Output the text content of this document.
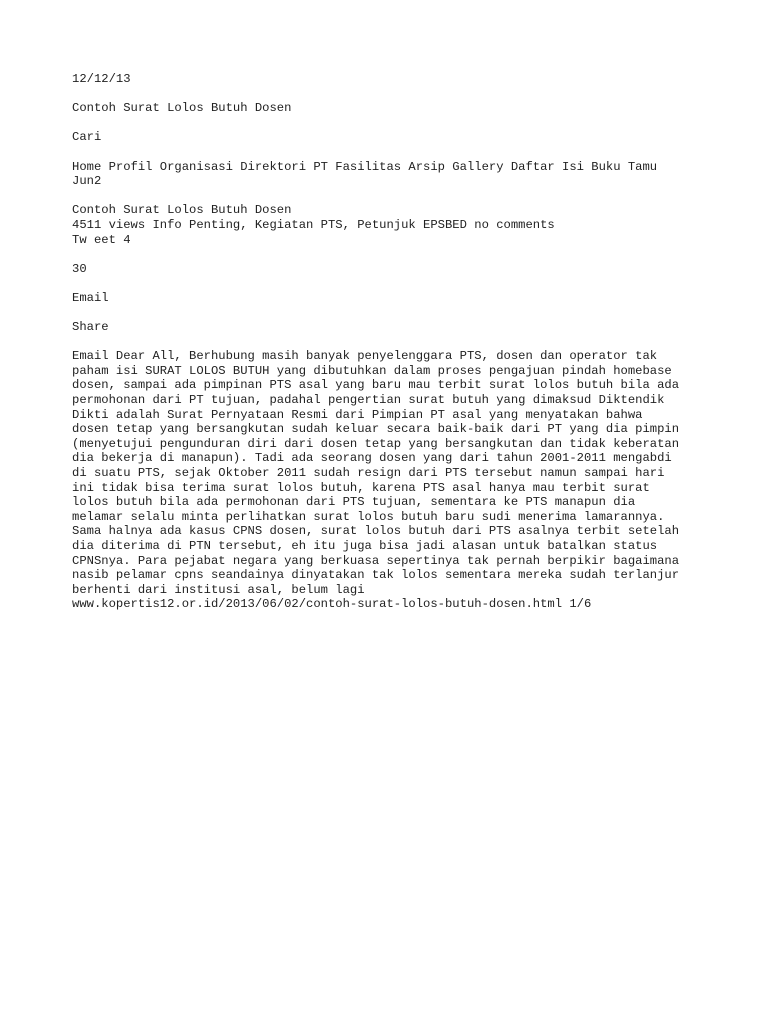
12/12/13
Contoh Surat Lolos Butuh Dosen
Cari
Home Profil Organisasi Direktori PT Fasilitas Arsip Gallery Daftar Isi Buku Tamu
Jun2
Contoh Surat Lolos Butuh Dosen
4511 views Info Penting, Kegiatan PTS, Petunjuk EPSBED no comments
Tw eet 4
30
Email
Share
Email Dear All, Berhubung masih banyak penyelenggara PTS, dosen dan operator tak
paham isi SURAT LOLOS BUTUH yang dibutuhkan dalam proses pengajuan pindah homebase
dosen, sampai ada pimpinan PTS asal yang baru mau terbit surat lolos butuh bila ada
permohonan dari PT tujuan, padahal pengertian surat butuh yang dimaksud Diktendik
Dikti adalah Surat Pernyataan Resmi dari Pimpian PT asal yang menyatakan bahwa
dosen tetap yang bersangkutan sudah keluar secara baik-baik dari PT yang dia pimpin
(menyetujui pengunduran diri dari dosen tetap yang bersangkutan dan tidak keberatan
dia bekerja di manapun). Tadi ada seorang dosen yang dari tahun 2001-2011 mengabdi
di suatu PTS, sejak Oktober 2011 sudah resign dari PTS tersebut namun sampai hari
ini tidak bisa terima surat lolos butuh, karena PTS asal hanya mau terbit surat
lolos butuh bila ada permohonan dari PTS tujuan, sementara ke PTS manapun dia
melamar selalu minta perlihatkan surat lolos butuh baru sudi menerima lamarannya.
Sama halnya ada kasus CPNS dosen, surat lolos butuh dari PTS asalnya terbit setelah
dia diterima di PTN tersebut, eh itu juga bisa jadi alasan untuk batalkan status
CPNSnya. Para pejabat negara yang berkuasa sepertinya tak pernah berpikir bagaimana
nasib pelamar cpns seandainya dinyatakan tak lolos sementara mereka sudah terlanjur
berhenti dari institusi asal, belum lagi
www.kopertis12.or.id/2013/06/02/contoh-surat-lolos-butuh-dosen.html 1/6
